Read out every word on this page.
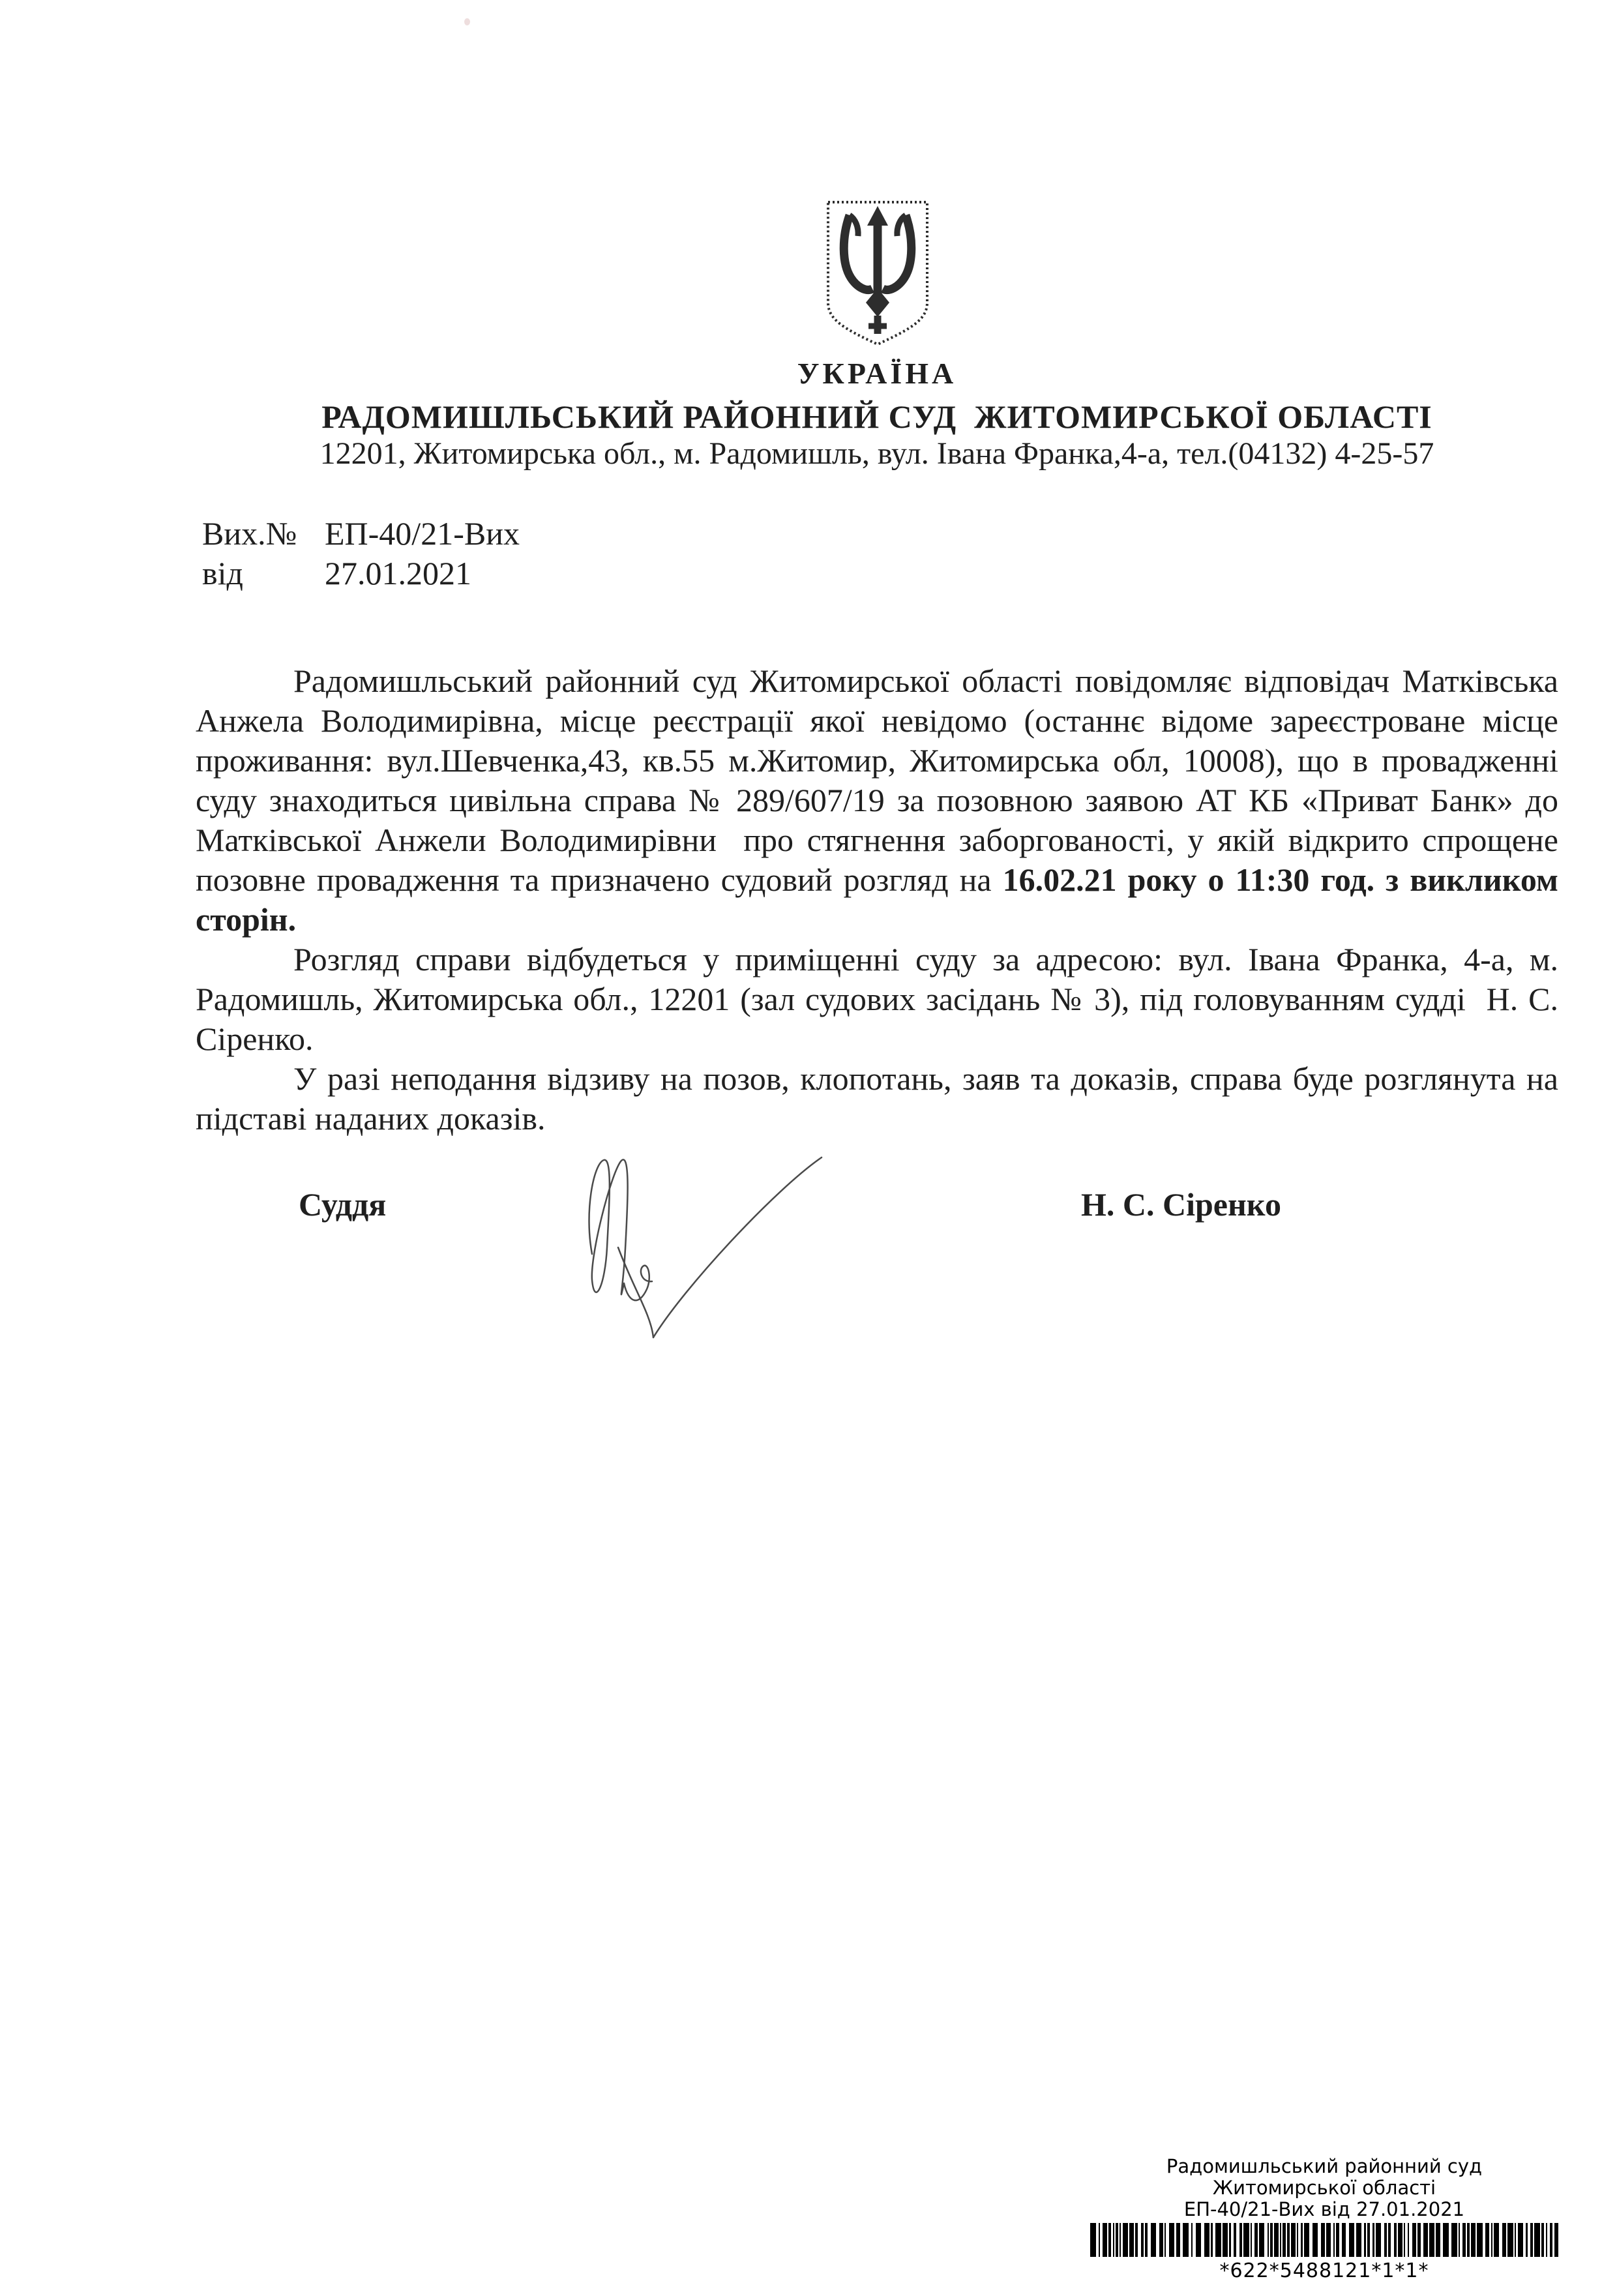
УКРАЇНА
РАДОМИШЛЬСЬКИЙ РАЙОННИЙ СУД  ЖИТОМИРСЬКОЇ ОБЛАСТІ
12201, Житомирська обл., м. Радомишль, вул. Івана Франка,4-а, тел.(04132) 4-25-57
Вих.№ ЕП-40/21-Вих
від	27.01.2021
Радомишльський районний суд Житомирської області повідомляє відповідач Матківська
Анжела Володимирівна, місце реєстрації якої невідомо (останнє відоме зареєстроване місце
проживання: вул.Шевченка,43, кв.55 м.Житомир, Житомирська обл, 10008), що в провадженні
суду знаходиться цивільна справа № 289/607/19 за позовною заявою АТ КБ «Приват Банк» до
Матківської Анжели Володимирівни  про стягнення заборгованості, у якій відкрито спрощене
позовне провадження та призначено судовий розгляд на 16.02.21 року о 11:30 год. з викликом
сторін.
Розгляд справи відбудеться у приміщенні суду за адресою: вул. Івана Франка, 4-а, м.
Радомишль, Житомирська обл., 12201 (зал судових засідань № 3), під головуванням судді  Н. С.
Сіренко.
У разі неподання відзиву на позов, клопотань, заяв та доказів, справа буде розглянута на
підставі наданих доказів.
Суддя	Н. С. Сіренко
Радомишльський районний суд
Житомирської області
ЕП-40/21-Вих від 27.01.2021
*622*5488121*1*1*
